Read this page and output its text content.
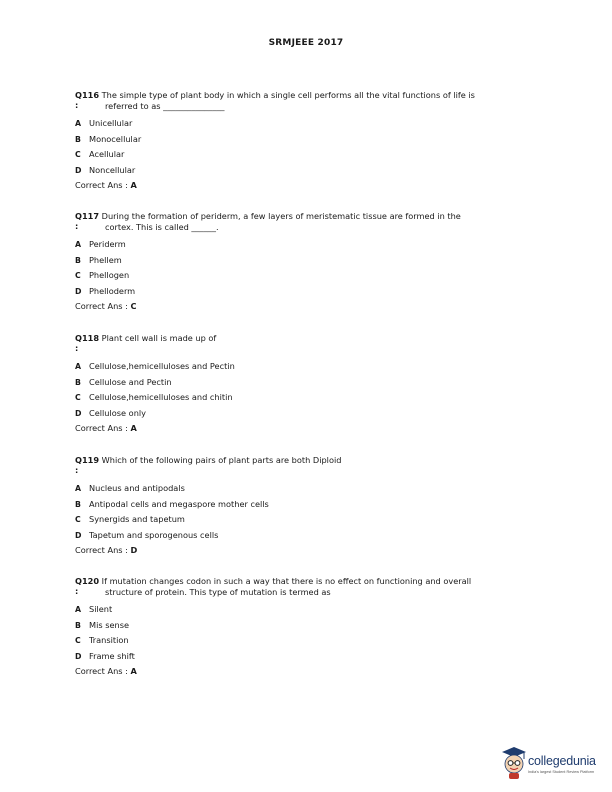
SRMJEEE 2017
Q116 The simple type of plant body in which a single cell performs all the vital functions of life is
:	referred to as _______________
A Unicellular
B Monocellular
C Acellular
D Noncellular
Correct Ans : A
Q117 During the formation of periderm, a few layers of meristematic tissue are formed in the
:	cortex. This is called ______.
A Periderm
B Phellem
C Phellogen
D Phelloderm
Correct Ans : C
Q118 Plant cell wall is made up of
:
A Cellulose,hemicelluloses and Pectin
B Cellulose and Pectin
C Cellulose,hemicelluloses and chitin
D Cellulose only
Correct Ans : A
Q119 Which of the following pairs of plant parts are both Diploid
:
A Nucleus and antipodals
B Antipodal cells and megaspore mother cells
C Synergids and tapetum
D Tapetum and sporogenous cells
Correct Ans : D
Q120 If mutation changes codon in such a way that there is no effect on functioning and overall
:	structure of protein. This type of mutation is termed as
A Silent
B Mis sense
C Transition
D Frame shift
Correct Ans : A
collegedunia
India's largest Student Review Platform
